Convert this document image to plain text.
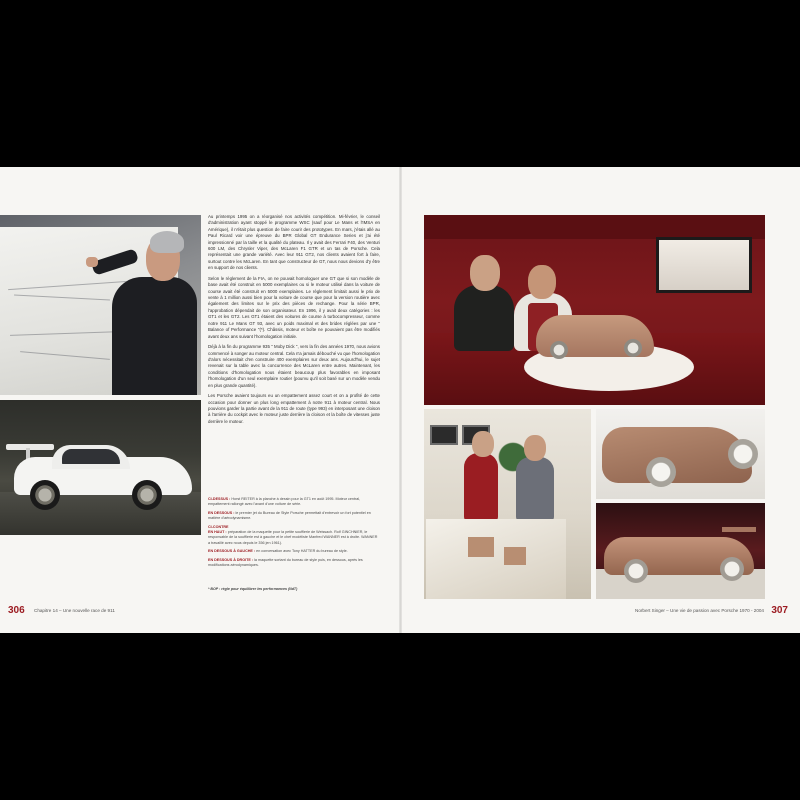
Au printemps 1995 on a réorganisé nos activités compétition. Mi-février, le conseil d'administration ayant stoppé le programme WSC (sauf pour Le Mans et l'IMSA en Amérique), il n'était plus question de faire courir des prototypes. En mars, j'étais allé au Paul Ricard voir une épreuve du BPR Global GT Endurance Series et j'ai été impressionné par la taille et la qualité du plateau. Il y avait des Ferrari F40, des Venturi 600 LM, des Chrysler Viper, des McLaren F1 GTR et un tas de Porsche. Cela représentait une grande variété. Avec leur 911 GT2, nos clients avaient fort à faire, surtout contre les McLaren. En tant que constructeur de GT, nous nous devions d'y être en support de nos clients.

Selon le règlement de la FIA, on ne pouvait homologuer une GT que si son modèle de base avait été construit en 5000 exemplaires ou si le moteur utilisé dans la voiture de course avait été construit en 5000 exemplaires. Le règlement limitait aussi le prix de vente à 1 million aussi bien pour la voiture de course que pour la version routière avec également des limites sur le prix des pièces de rechange. Pour la série BPR, l'approbation dépendait de son organisateur. En 1996, il y avait deux catégories : les GT1 et les GT2. Les GT1 étaient des voitures de course à turbocompresseur, comme notre 911 Le Mans GT 93, avec un poids maximal et des brides réglées par une " Balance of Performance "(*). Châssis, moteur et boîte ne pouvaient pas être modifiés avant deux ans suivant l'homologation initiale.

Déjà à la fin du programme 935 " Moby Dick ", vers la fin des années 1970, nous avions commencé à songer au moteur central. Cela n'a jamais débouché vu que l'homologation d'alors nécessitait d'en construire 400 exemplaires sur deux ans. Aujourd'hui, le sujet revenait sur la table avec la concurrence des McLaren entre autres. Maintenant, les conditions d'homologation nous étaient beaucoup plus favorables en imposant l'homologation d'un seul exemplaire routier (pourvu qu'il soit basé sur un modèle vendu en plus grande quantité).

Les Porsche avaient toujours eu un empattement assez court et on a profité de cette occasion pour donner un plus long empattement à notre 911 à moteur central. Nous pouvions garder la partie avant de la 911 de route (type 993) en interposant une cloison à l'arrière du cockpit avec le moteur juste derrière la cloison et la boîte de vitesses juste derrière le moteur.

CI-DESSUS : Horst REITER à la planche à dessin pour la GT1 en août 1995. Moteur central, empattement rallongé avec l'avant d'une voiture de série.
EN DESSOUS : le premier jet du Bureau de Style Porsche permettait d'entrevoir un fort potentiel en matière d'aérodynamisme.
CI-CONTRE
EN HAUT : préparation de la maquette pour la petite soufflerie de Weissach. Rolf GINCHNIER, le responsable de la soufflerie est à gauche et le chef modéliste Manfred WANNER est à droite. WANNER a travaillé avec nous depuis le 356 jen 1961).
EN DESSOUS À GAUCHE : en conversation avec Tony HATTER du bureau de style.
EN DESSOUS À DROITE : la maquette sortant du bureau de style puis, en dessous, après les modifications aérodynamiques.
* BOP : règle pour équilibrer les performances (NdT)
306 Chapitre 14 – Une nouvelle race de 911	Norbert Singer – Une vie de passion avec Porsche 1970 - 2004 307
